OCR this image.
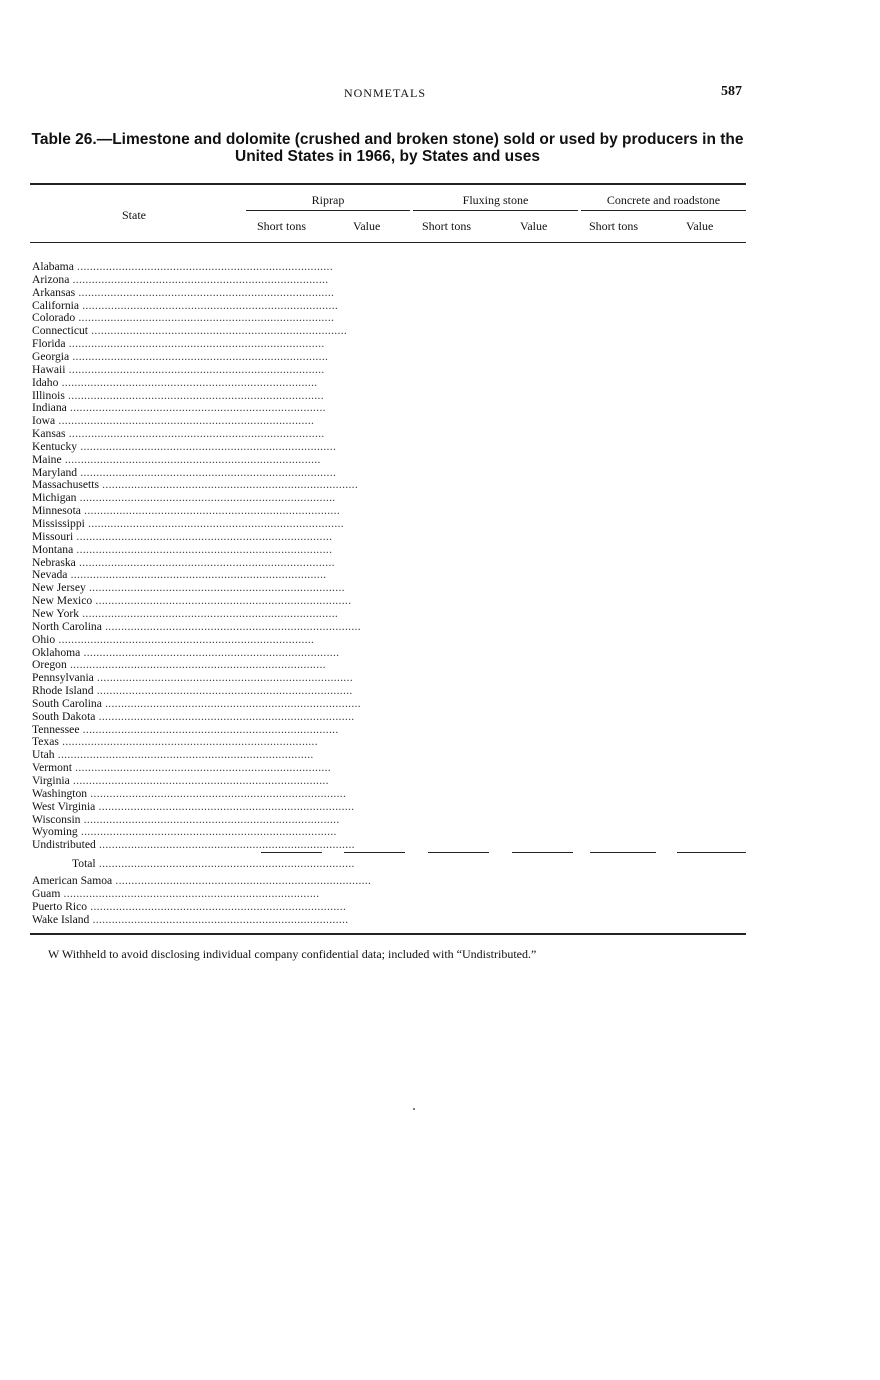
NONMETALS	587
Table 26.—Limestone and dolomite (crushed and broken stone) sold or used by producers in the
United States in 1966, by States and uses
State
Riprap	Fluxing stone	Concrete and roadstone
Short tons	Value	Short tons	Value	Short tons	Value
Alabama ................................................................................
Arizona ................................................................................
Arkansas ................................................................................
California ................................................................................
Colorado ................................................................................
Connecticut ................................................................................
Florida ................................................................................
Georgia ................................................................................
Hawaii ................................................................................
Idaho ................................................................................
Illinois ................................................................................
Indiana ................................................................................
Iowa ................................................................................
Kansas ................................................................................
Kentucky ................................................................................
Maine ................................................................................
Maryland ................................................................................
Massachusetts ................................................................................
Michigan ................................................................................
Minnesota ................................................................................
Mississippi ................................................................................
Missouri ................................................................................
Montana ................................................................................
Nebraska ................................................................................
Nevada ................................................................................
New Jersey ................................................................................
New Mexico ................................................................................
New York ................................................................................
North Carolina ................................................................................
Ohio ................................................................................
Oklahoma ................................................................................
Oregon ................................................................................
Pennsylvania ................................................................................
Rhode Island ................................................................................
South Carolina ................................................................................
South Dakota ................................................................................
Tennessee ................................................................................
Texas ................................................................................
Utah ................................................................................
Vermont ................................................................................
Virginia ................................................................................
Washington ................................................................................
West Virginia ................................................................................
Wisconsin ................................................................................
Wyoming ................................................................................
Undistributed ................................................................................
Total ................................................................................
American Samoa ................................................................................
Guam ................................................................................
Puerto Rico ................................................................................
Wake Island ................................................................................
W Withheld to avoid disclosing individual company confidential data; included with “Undistributed.”
